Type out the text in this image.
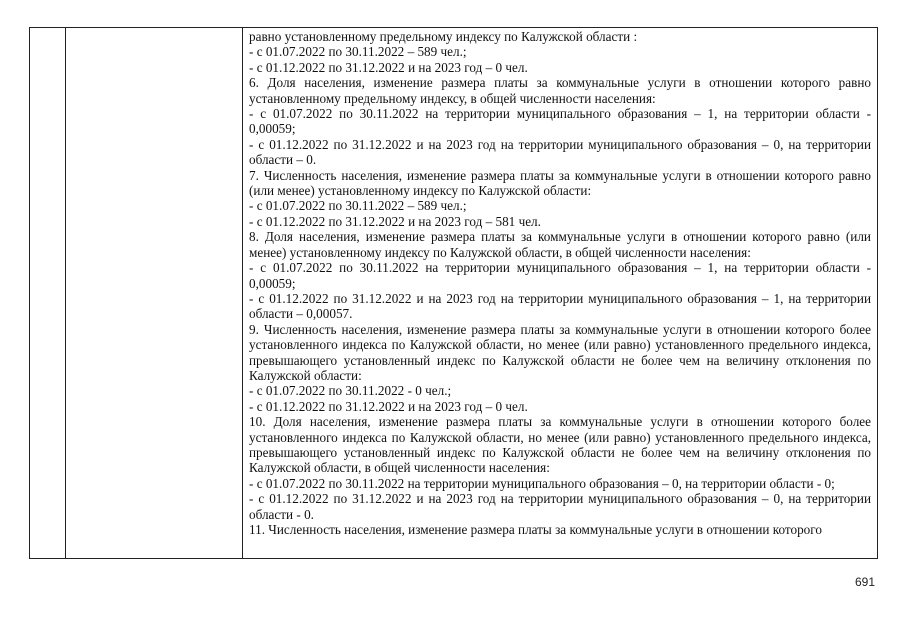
равно установленному предельному индексу по Калужской области :

- с 01.07.2022 по 30.11.2022 – 589 чел.;

- с 01.12.2022 по 31.12.2022 и на 2023 год – 0 чел.

6. Доля населения, изменение размера платы за коммунальные услуги в отношении которого равно установленному предельному индексу, в общей численности населения:

- с 01.07.2022 по 30.11.2022 на территории муниципального образования – 1, на территории области - 0,00059;

- с 01.12.2022 по 31.12.2022 и на 2023 год на территории муниципального образования – 0, на территории области – 0.

7. Численность населения, изменение размера платы за коммунальные услуги в отношении которого равно (или менее) установленному индексу по Калужской области:

- с 01.07.2022 по 30.11.2022 – 589 чел.;

- с 01.12.2022 по 31.12.2022 и на 2023 год – 581 чел.

8. Доля населения, изменение размера платы за коммунальные услуги в отношении которого равно (или менее) установленному индексу по Калужской области, в общей численности населения:

- с 01.07.2022 по 30.11.2022 на территории муниципального образования – 1, на территории области - 0,00059;

- с 01.12.2022 по 31.12.2022 и на 2023 год на территории муниципального образования – 1, на территории области – 0,00057.

9. Численность населения, изменение размера платы за коммунальные услуги в отношении которого более установленного индекса по Калужской области, но менее (или равно) установленного предельного индекса, превышающего установленный индекс по Калужской области не более чем на величину отклонения по Калужской области:

- с 01.07.2022 по 30.11.2022 - 0 чел.;

- с 01.12.2022 по 31.12.2022 и на 2023 год – 0 чел.

10. Доля населения, изменение размера платы за коммунальные услуги в отношении которого более установленного индекса по Калужской области, но менее (или равно) установленного предельного индекса, превышающего установленный индекс по Калужской области не более чем на величину отклонения по Калужской области, в общей численности населения:

- с 01.07.2022 по 30.11.2022 на территории муниципального образования – 0, на территории области - 0;

- с 01.12.2022 по 31.12.2022 и на 2023 год на территории муниципального образования – 0, на территории области - 0.

11. Численность населения, изменение размера платы за коммунальные услуги в отношении которого

691
